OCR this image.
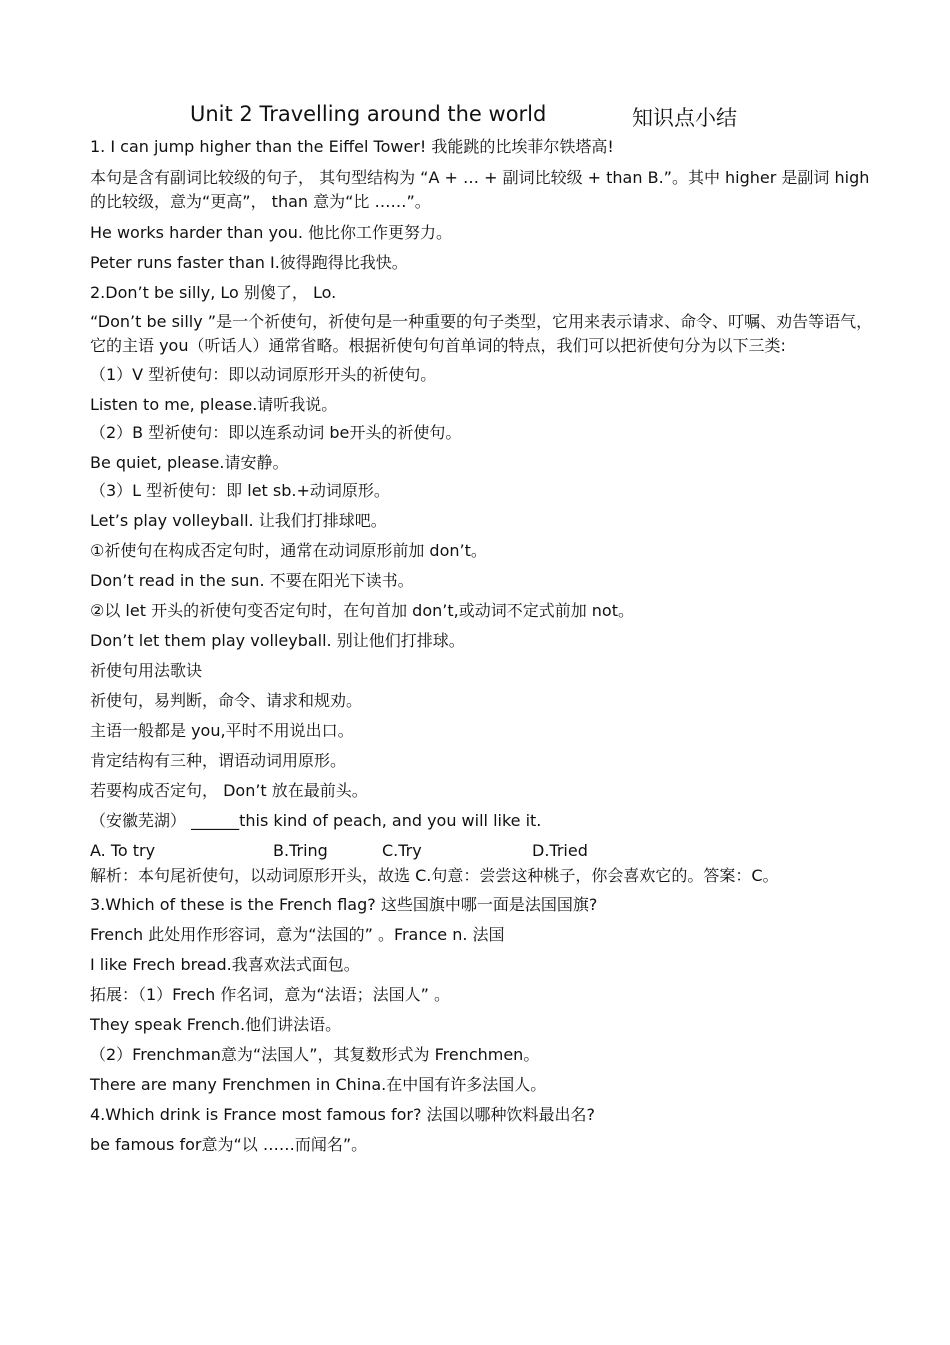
Unit 2 Travelling around the world	知识点小结

1. I can jump higher than the Eiffel Tower! 我能跳的比埃菲尔铁塔高!

本句是含有副词比较级的句子， 其句型结构为 “A + … + 副词比较级 + than B.”。其中 higher 是副词 high 的比较级，意为“更高”， than 意为“比 ……”。

He works harder than you. 他比你工作更努力。

Peter runs faster than I.彼得跑得比我快。

2.Don’t be silly, Lo 别傻了， Lo.

“Don’t be silly ”是一个祈使句，祈使句是一种重要的句子类型，它用来表示请求、命令、叮嘱、劝告等语气，它的主语 you（听话人）通常省略。根据祈使句句首单词的特点，我们可以把祈使句分为以下三类:

（1）V 型祈使句：即以动词原形开头的祈使句。

Listen to me, please.请听我说。

（2）B 型祈使句：即以连系动词 be开头的祈使句。

Be quiet, please.请安静。

（3）L 型祈使句：即 let sb.+动词原形。

Let’s play volleyball. 让我们打排球吧。

①祈使句在构成否定句时，通常在动词原形前加 don’t。

Don’t read in the sun. 不要在阳光下读书。

②以 let 开头的祈使句变否定句时，在句首加 don’t,或动词不定式前加 not。

Don’t let them play volleyball. 别让他们打排球。

祈使句用法歌诀

祈使句，易判断，命令、请求和规劝。

主语一般都是 you,平时不用说出口。

肯定结构有三种，谓语动词用原形。

若要构成否定句， Don’t 放在最前头。

（安徽芜湖） ______this kind of peach, and you will like it.

A. To try	B.Tring	C.Try	D.Tried

解析：本句尾祈使句，以动词原形开头，故选 C.句意：尝尝这种桃子，你会喜欢它的。答案：C。

3.Which of these is the French flag? 这些国旗中哪一面是法国国旗?

French 此处用作形容词，意为“法国的” 。France n. 法国

I like Frech bread.我喜欢法式面包。

拓展：（1）Frech 作名词，意为“法语；法国人” 。

They speak French.他们讲法语。

（2）Frenchman意为“法国人”，其复数形式为 Frenchmen。

There are many Frenchmen in China.在中国有许多法国人。

4.Which drink is France most famous for? 法国以哪种饮料最出名?

be famous for意为“以 ……而闻名”。
